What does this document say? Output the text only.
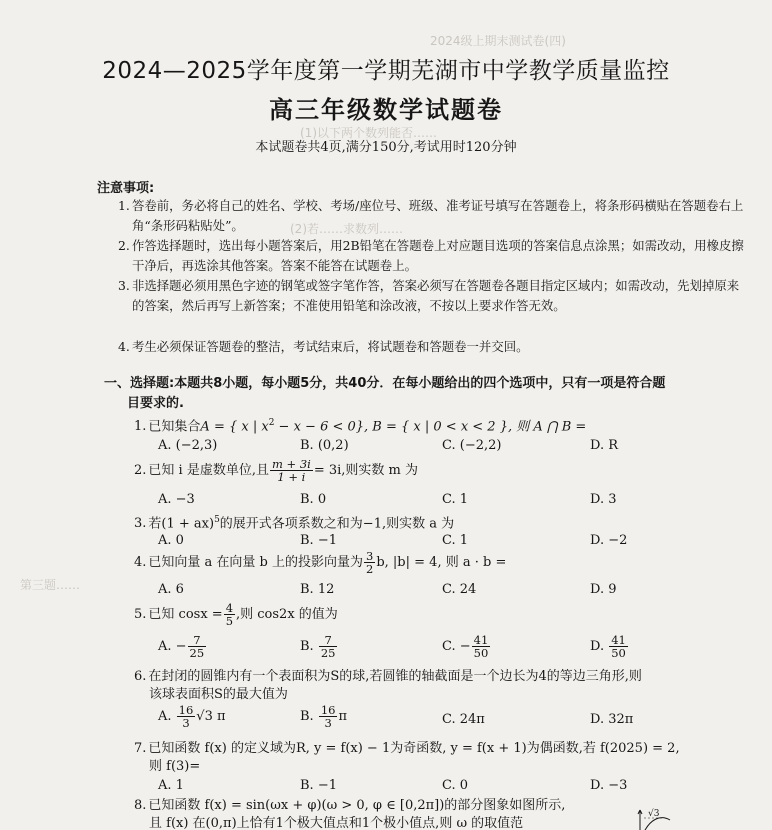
2024级上期末测试卷(四)
(1)以下两个数列能否……
(2)若……求数列……
第三题……
2024—2025学年度第一学期芜湖市中学教学质量监控
高三年级数学试题卷
本试题卷共4页,满分150分,考试用时120分钟
注意事项:
1. 答卷前，务必将自己的姓名、学校、考场/座位号、班级、准考证号填写在答题卷上，将条形码横贴在答题卷右上角“条形码粘贴处”。
2. 作答选择题时，选出每小题答案后，用2B铅笔在答题卷上对应题目选项的答案信息点涂黑；如需改动，用橡皮擦干净后，再选涂其他答案。答案不能答在试题卷上。
3. 非选择题必须用黑色字迹的钢笔或签字笔作答，答案必须写在答题卷各题目指定区域内；如需改动，先划掉原来的答案，然后再写上新答案；不准使用铅笔和涂改液，不按以上要求作答无效。
4. 考生必须保证答题卷的整洁，考试结束后，将试题卷和答题卷一并交回。
一、选择题:本题共8小题，每小题5分，共40分．在每小题给出的四个选项中，只有一项是符合题
目要求的.
1. 已知集合A = { x | $x^2 - x - 6 < 0$}, B = { x | 0 < x < 2 }, 则 A ⋂ B =
A. (−2,3)	B. (0,2)	C. (−2,2)	D. R
2. 已知 i 是虚数单位,且 $\frac{m + 3i}{1 + i} = 3i$,则实数 m 为
A. −3	B. 0	C. 1	D. 3
3. 若(1 + ax)$^5$的展开式各项系数之和为−1,则实数 a 为
A. 0	B. −1	C. 1	D. −2
4. 已知向量 a 在向量 b 上的投影向量为 $\frac{3}{2} b$, |b| = 4, 则 a · b =
A. 6	B. 12	C. 24	D. 9
5. 已知 $\cos x = \frac{4}{5}$ ,则 cos2x 的值为
A. − $\frac{7}{25}$	B. $\frac{7}{25}$	C. − $\frac{41}{50}$	D. $\frac{41}{50}$
6. 在封闭的圆锥内有一个表面积为S的球,若圆锥的轴截面是一个边长为4的等边三角形,则
该球表面积S的最大值为
A. $\frac{16}{3} √3$ π	B. $\frac{16}{3}$ π	C. 24π	D. 32π
7. 已知函数 f(x) 的定义域为R, y = f(x) − 1为奇函数, y = f(x + 1)为偶函数,若 f(2025) = 2,
则 f(3)=
A. 1	B. −1	C. 0	D. −3
8. 已知函数 f(x) = sin(ωx + φ)(ω > 0, φ ∈ [0,2π])的部分图象如图所示,
且 f(x) 在(0,π)上恰有1个极大值点和1个极小值点,则 ω 的取值范
√3
